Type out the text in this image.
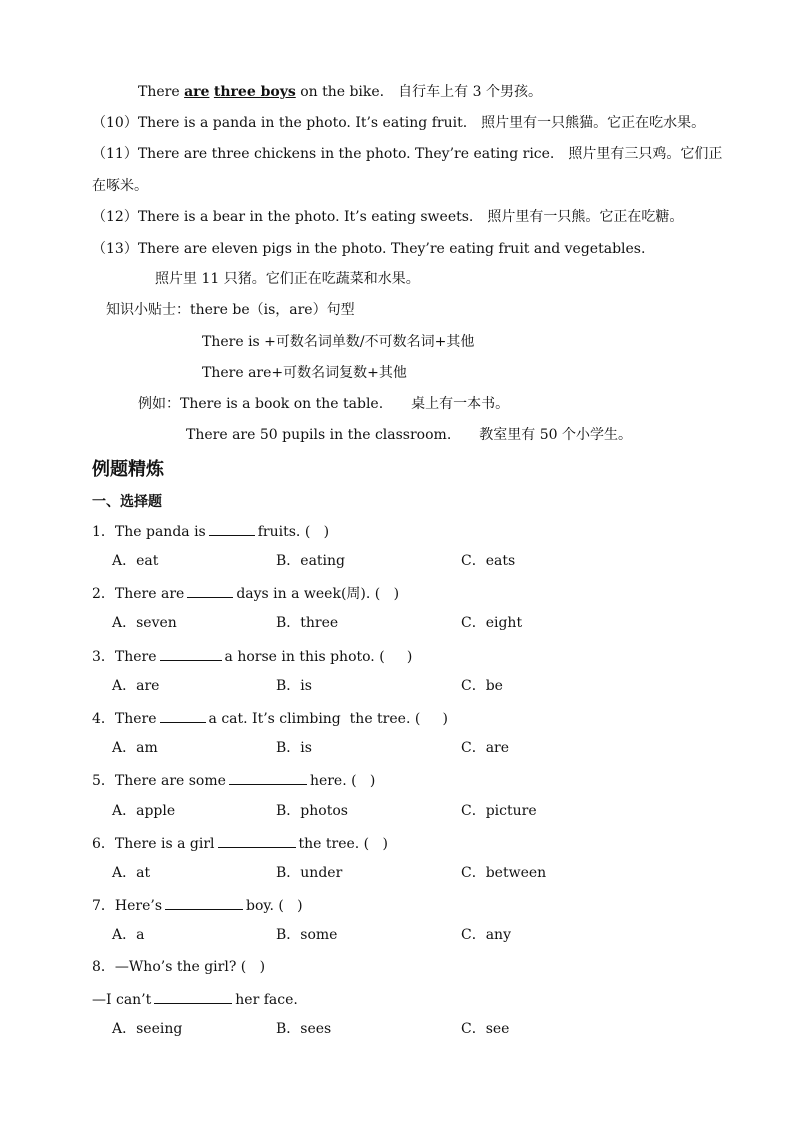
There are three boys on the bike. 自行车上有 3 个男孩。
（10）There is a panda in the photo. It’s eating fruit. 照片里有一只熊猫。它正在吃水果。
（11）There are three chickens in the photo. They’re eating rice. 照片里有三只鸡。它们正
在啄米。
（12）There is a bear in the photo. It’s eating sweets. 照片里有一只熊。它正在吃糖。
（13）There are eleven pigs in the photo. They’re eating fruit and vegetables.
照片里 11 只猪。它们正在吃蔬菜和水果。
知识小贴士：there be（is，are）句型
There is +可数名词单数/不可数名词+其他
There are+可数名词复数+其他
例如：There is a book on the table. 桌上有一本书。
There are 50 pupils in the classroom. 教室里有 50 个小学生。
例题精炼
一、选择题
1．The panda is	fruits. (   )
A．eat	B．eating	C．eats
2．There are	days in a week(周). (   )
A．seven	B．three	C．eight
3．There	a horse in this photo. (     )
A．are	B．is	C．be
4．There	a cat. It’s climbing  the tree. (     )
A．am	B．is	C．are
5．There are some	here. (   )
A．apple	B．photos	C．picture
6．There is a girl	the tree. (   )
A．at	B．under	C．between
7．Here’s	boy. (   )
A．a	B．some	C．any
8．—Who’s the girl? (   )
—I can’t	her face.
A．seeing	B．sees	C．see
